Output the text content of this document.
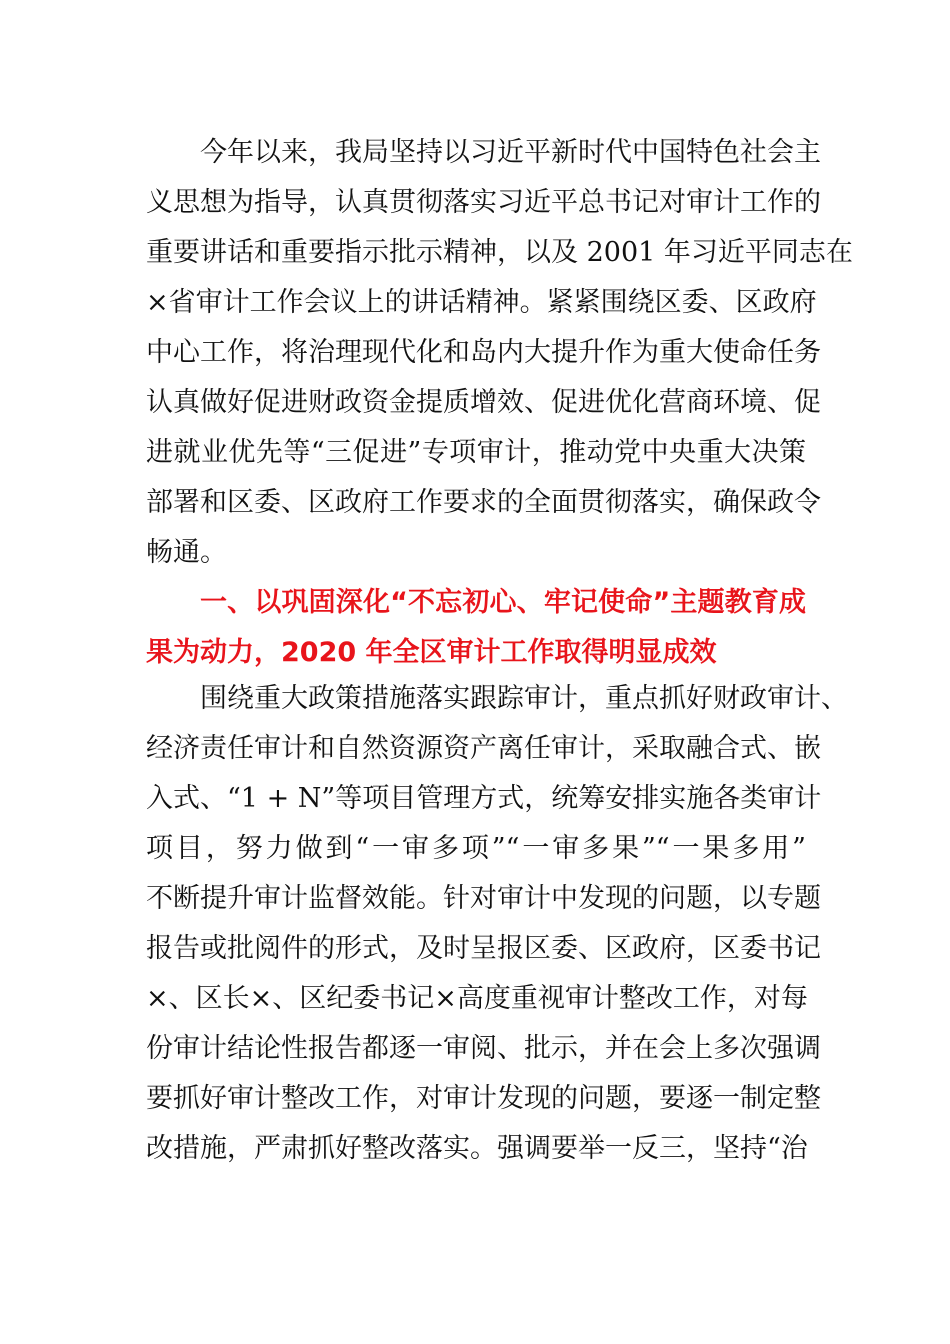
今年以来，我局坚持以习近平新时代中国特色社会主
义思想为指导，认真贯彻落实习近平总书记对审计工作的
重要讲话和重要指示批示精神，以及 2001 年习近平同志在
×省审计工作会议上的讲话精神。紧紧围绕区委、区政府
中心工作，将治理现代化和岛内大提升作为重大使命任务
认真做好促进财政资金提质增效、促进优化营商环境、促
进就业优先等“三促进”专项审计，推动党中央重大决策
部署和区委、区政府工作要求的全面贯彻落实，确保政令
畅通。
一、以巩固深化“不忘初心、牢记使命”主题教育成
果为动力，2020 年全区审计工作取得明显成效
围绕重大政策措施落实跟踪审计，重点抓好财政审计、
经济责任审计和自然资源资产离任审计，采取融合式、嵌
入式、“1 + N”等项目管理方式，统筹安排实施各类审计
项目，努力做到“一审多项”“一审多果”“一果多用”
不断提升审计监督效能。针对审计中发现的问题，以专题
报告或批阅件的形式，及时呈报区委、区政府，区委书记
×、区长×、区纪委书记×高度重视审计整改工作，对每
份审计结论性报告都逐一审阅、批示，并在会上多次强调
要抓好审计整改工作，对审计发现的问题，要逐一制定整
改措施，严肃抓好整改落实。强调要举一反三，坚持“治
